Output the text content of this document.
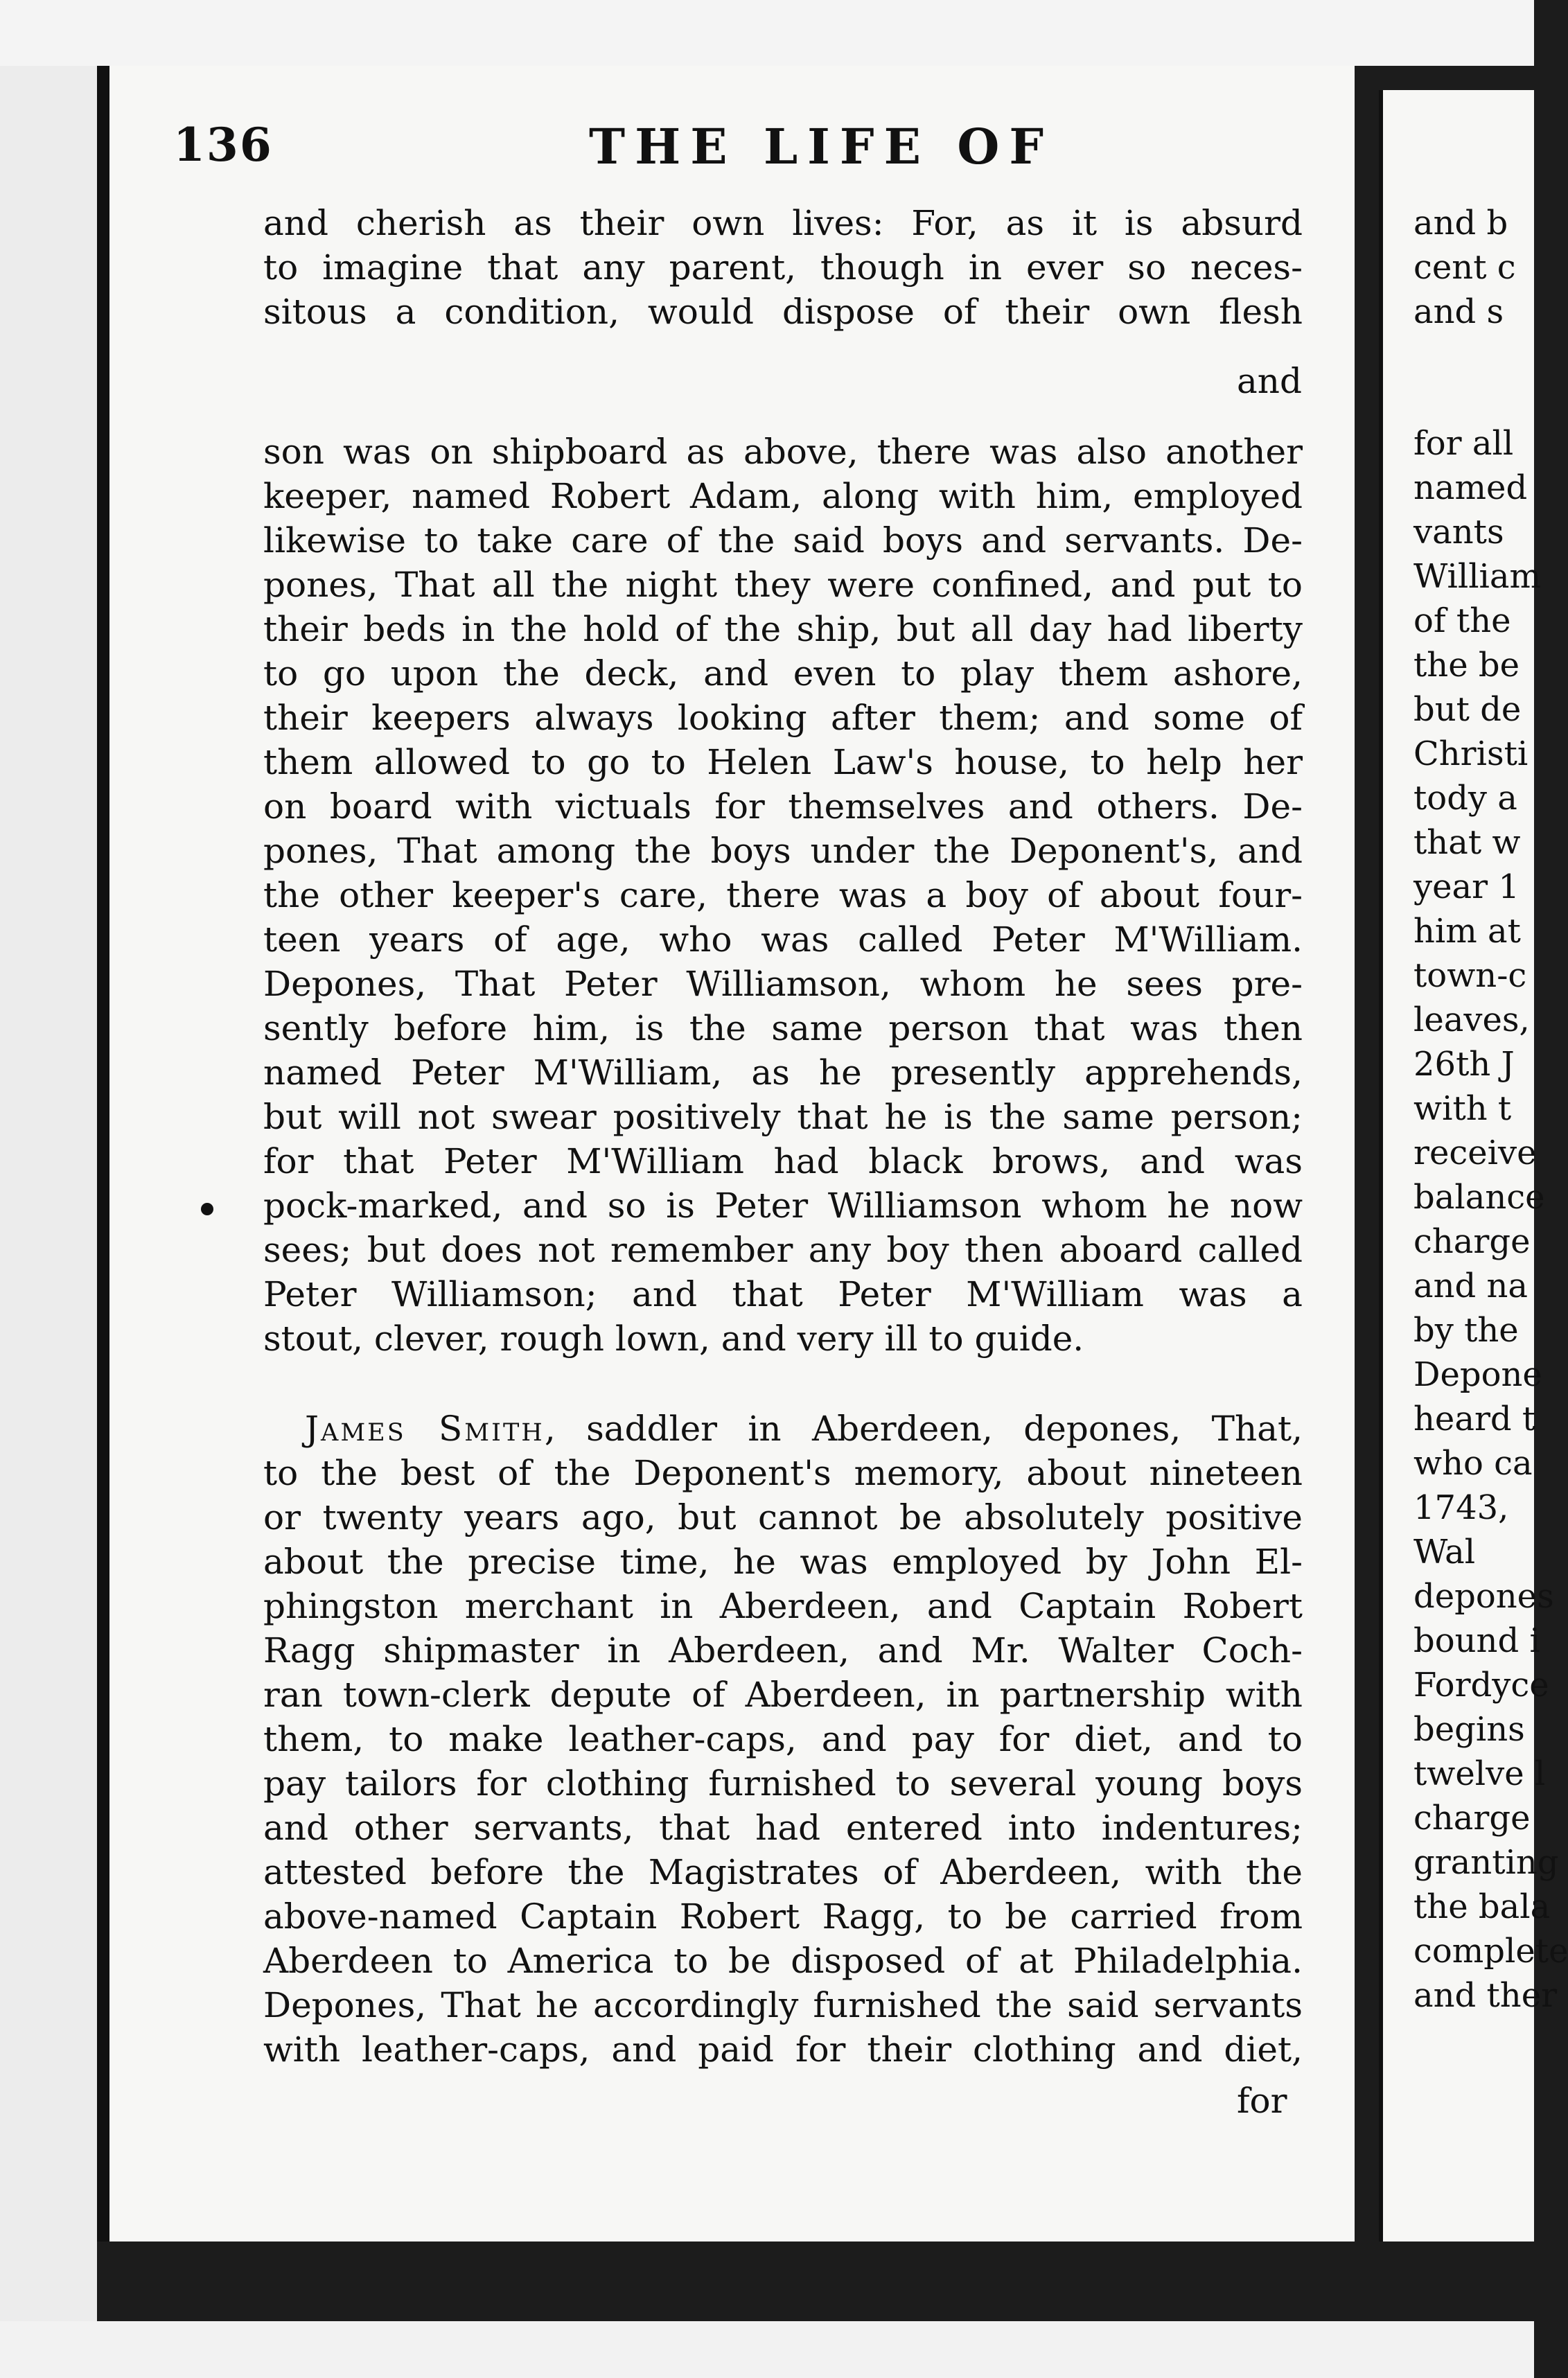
136	THE LIFE OF
and cherish as their own lives: For, as it is absurd
to imagine that any parent, though in ever so neces-
sitous a condition, would dispose of their own flesh
and
son was on shipboard as above, there was also another
keeper, named Robert Adam, along with him, employed
likewise to take care of the said boys and servants. De-
pones, That all the night they were confined, and put to
their beds in the hold of the ship, but all day had liberty
to go upon the deck, and even to play them ashore,
their keepers always looking after them; and some of
them allowed to go to Helen Law's house, to help her
on board with victuals for themselves and others. De-
pones, That among the boys under the Deponent's, and
the other keeper's care, there was a boy of about four-
teen years of age, who was called Peter M'William.
Depones, That Peter Williamson, whom he sees pre-
sently before him, is the same person that was then
named Peter M'William, as he presently apprehends,
but will not swear positively that he is the same person;
for that Peter M'William had black brows, and was
pock-marked, and so is Peter Williamson whom he now
sees; but does not remember any boy then aboard called
Peter Williamson; and that Peter M'William was a
stout, clever, rough lown, and very ill to guide.
James Smith, saddler in Aberdeen, depones, That,
to the best of the Deponent's memory, about nineteen
or twenty years ago, but cannot be absolutely positive
about the precise time, he was employed by John El-
phingston merchant in Aberdeen, and Captain Robert
Ragg shipmaster in Aberdeen, and Mr. Walter Coch-
ran town-clerk depute of Aberdeen, in partnership with
them, to make leather-caps, and pay for diet, and to
pay tailors for clothing furnished to several young boys
and other servants, that had entered into indentures;
attested before the Magistrates of Aberdeen, with the
above-named Captain Robert Ragg, to be carried from
Aberdeen to America to be disposed of at Philadelphia.
Depones, That he accordingly furnished the said servants
with leather-caps, and paid for their clothing and diet,
for
and b
cent c
and s
for all
named
vants
William
of the
the be
but de
Christi
tody a
that w
year 1
him at
town-c
leaves,
26th J
with t
receive
balance
charge
and na
by the
Depone
heard t
who ca
1743,
Wal
depones
bound i
Fordyce
begins
twelve l
charge
granting
the bala
complete
and ther
